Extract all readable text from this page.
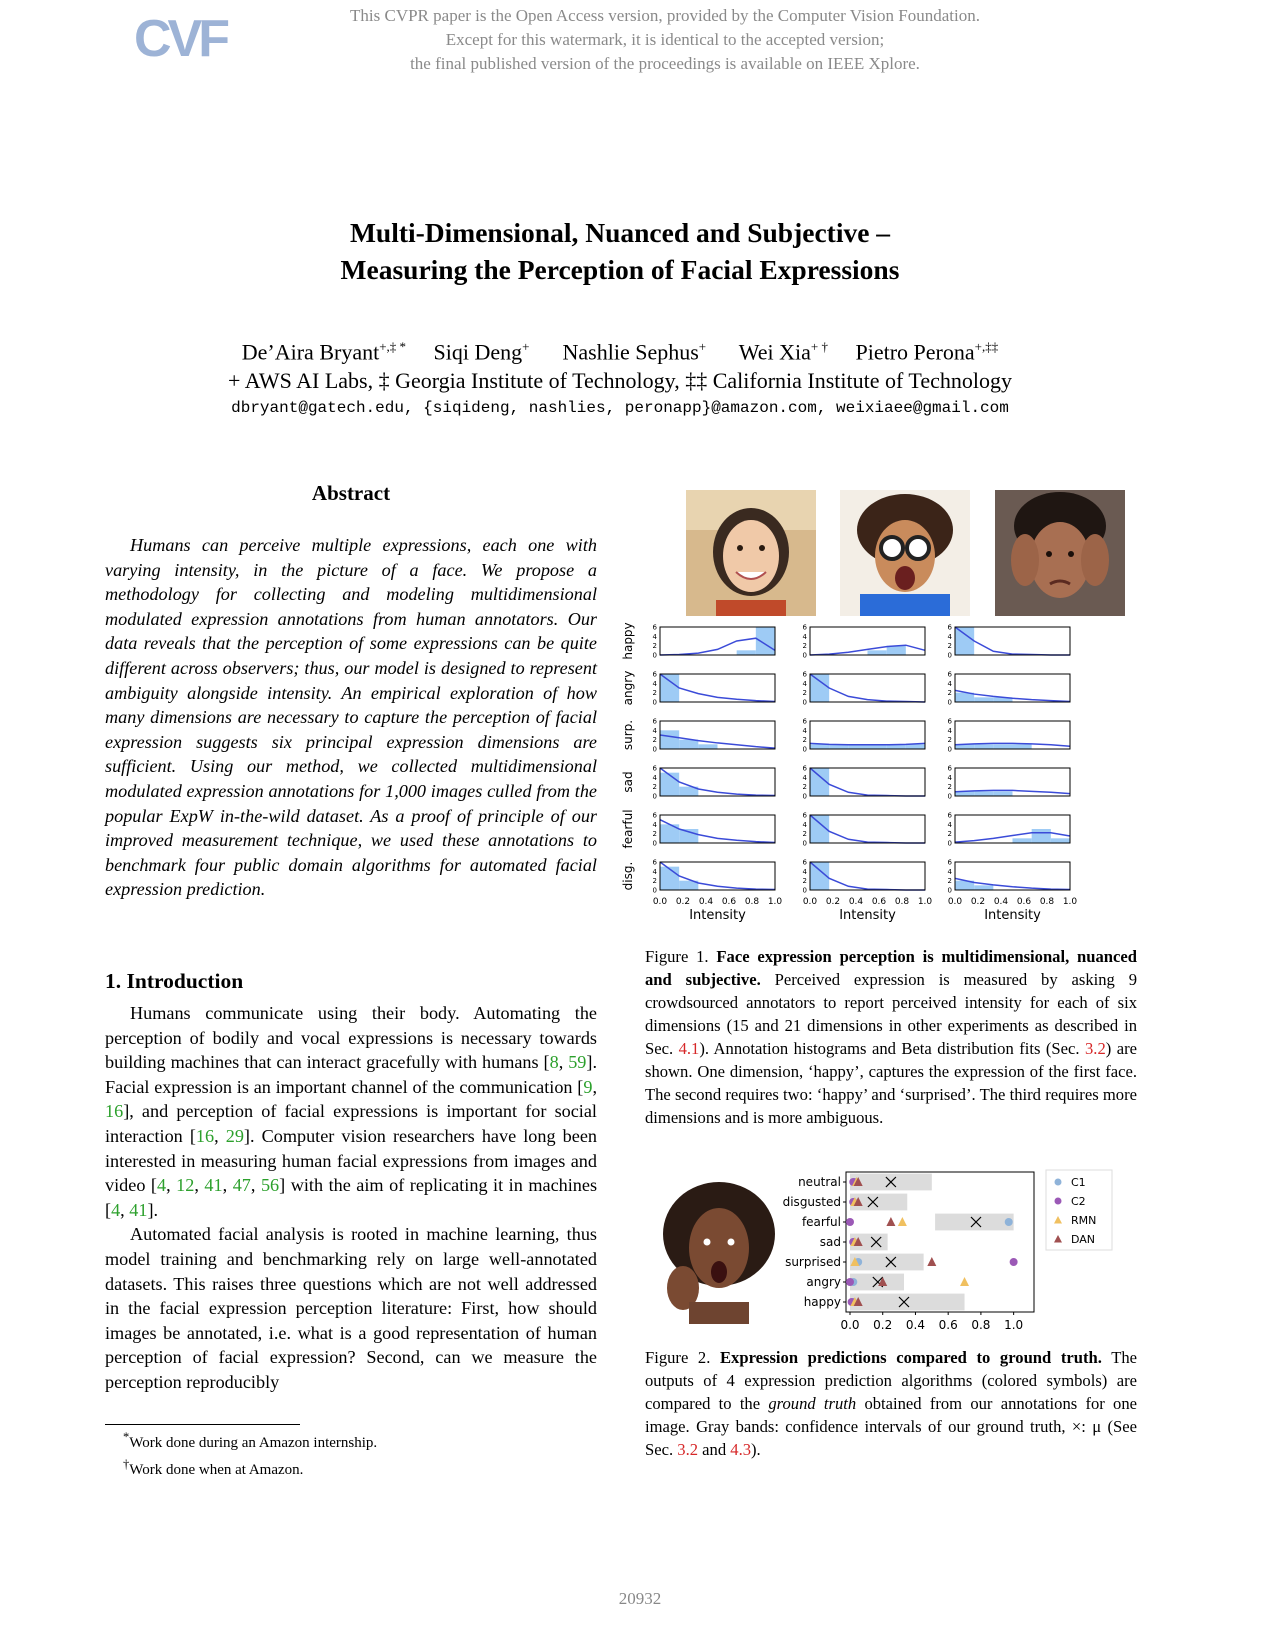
This CVPR paper is the Open Access version, provided by the Computer Vision Foundation.
Except for this watermark, it is identical to the accepted version;
the final published version of the proceedings is available on IEEE Xplore.
CVF
Multi-Dimensional, Nuanced and Subjective –
Measuring the Perception of Facial Expressions
De’Aira Bryant+,‡ * Siqi Deng+ Nashlie Sephus+ Wei Xia+ † Pietro Perona+,‡‡
+ AWS AI Labs, ‡ Georgia Institute of Technology, ‡‡ California Institute of Technology
dbryant@gatech.edu, {siqideng, nashlies, peronapp}@amazon.com, weixiaee@gmail.com
Abstract
Humans can perceive multiple expressions, each one with varying intensity, in the picture of a face. We propose a methodology for collecting and modeling multidimensional modulated expression annotations from human annotators. Our data reveals that the perception of some expressions can be quite different across observers; thus, our model is designed to represent ambiguity alongside intensity. An empirical exploration of how many dimensions are necessary to capture the perception of facial expression suggests six principal expression dimensions are sufficient. Using our method, we collected multidimensional modulated expression annotations for 1,000 images culled from the popular ExpW in-the-wild dataset. As a proof of principle of our improved measurement technique, we used these annotations to benchmark four public domain algorithms for automated facial expression prediction.
1. Introduction

Humans communicate using their body. Automating the perception of bodily and vocal expressions is necessary towards building machines that can interact gracefully with humans [8, 59]. Facial expression is an important channel of the communication [9, 16], and perception of facial expressions is important for social interaction [16, 29]. Computer vision researchers have long been interested in measuring human facial expressions from images and video [4, 12, 41, 47, 56] with the aim of replicating it in machines [4, 41].

Automated facial analysis is rooted in machine learning, thus model training and benchmarking rely on large well-annotated datasets. This raises three questions which are not well addressed in the facial expression perception literature: First, how should images be annotated, i.e. what is a good representation of human perception of facial expression? Second, can we measure the perception reproducibly

*Work done during an Amazon internship.
†Work done when at Amazon.
20932
happy
angry
surp.
sad
fearful
disg.
0
2
4
6
0
2
4
6
0
2
4
6
0
2
4
6
0
2
4
6
0
2
4
6
0.0 0.2 0.4 0.6 0.8 1.0
Intensity
0
2
4
6
0
2
4
6
0
2
4
6
0
2
4
6
0
2
4
6
0
2
4
6
0.0 0.2 0.4 0.6 0.8 1.0
Intensity
0
2
4
6
0
2
4
6
0
2
4
6
0
2
4
6
0
2
4
6
0
2
4
6
0.0 0.2 0.4 0.6 0.8 1.0
Intensity
Figure 1. Face expression perception is multidimensional, nuanced and subjective. Perceived expression is measured by asking 9 crowdsourced annotators to report perceived intensity for each of six dimensions (15 and 21 dimensions in other experiments as described in Sec. 4.1). Annotation histograms and Beta distribution fits (Sec. 3.2) are shown. One dimension, ‘happy’, captures the expression of the first face. The second requires two: ‘happy’ and ‘surprised’. The third requires more dimensions and is more ambiguous.
neutral
disgusted
fearful
sad
surprised
angry
happy
0.0 0.2 0.4 0.6 0.8 1.0
C1
C2
RMN
DAN
Figure 2. Expression predictions compared to ground truth. The outputs of 4 expression prediction algorithms (colored symbols) are compared to the ground truth obtained from our annotations for one image. Gray bands: confidence intervals of our ground truth, ×: μ (See Sec. 3.2 and 4.3).
